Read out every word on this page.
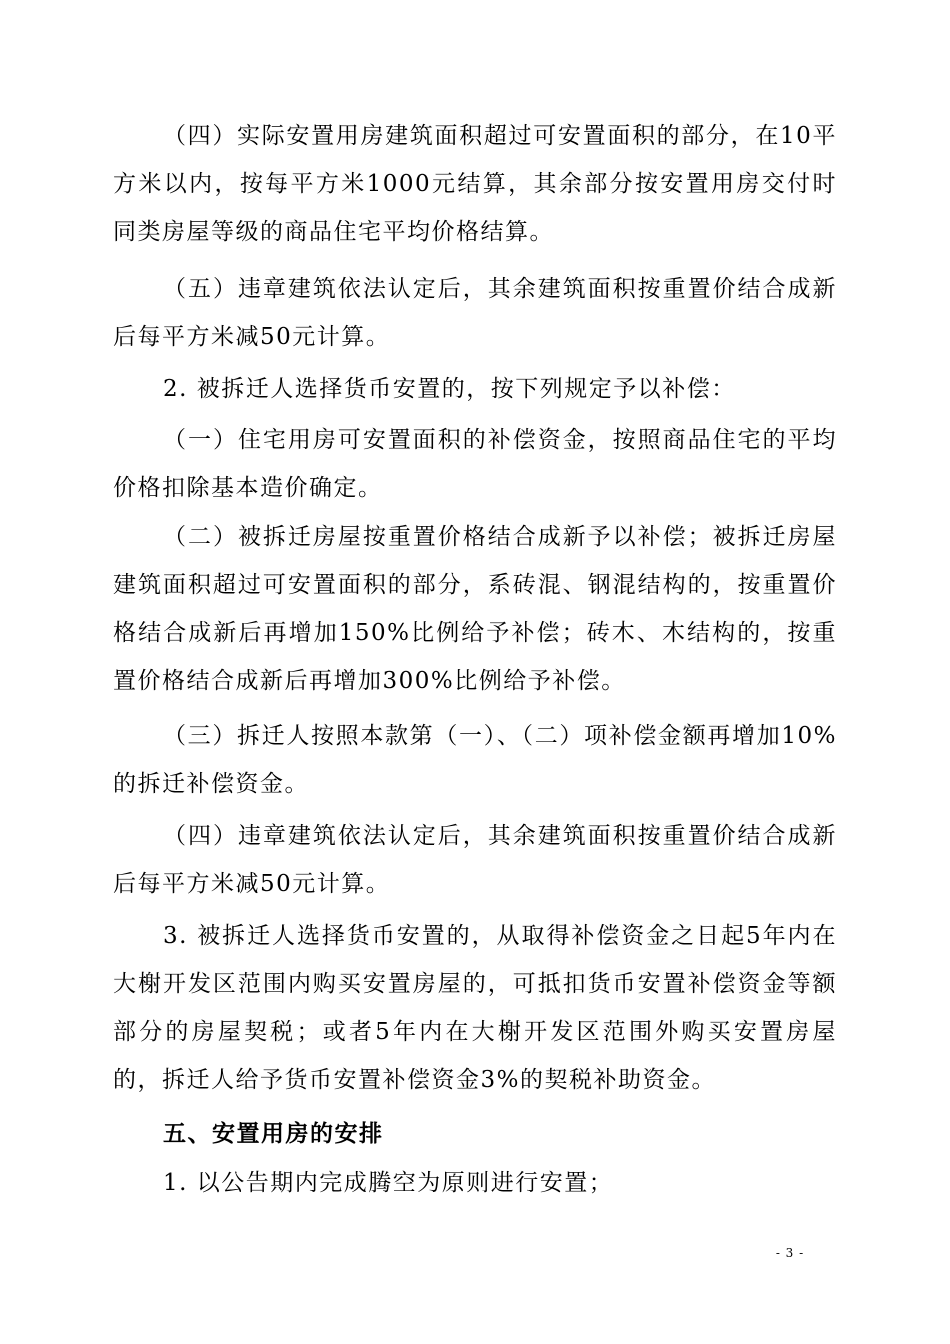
（四）实际安置用房建筑面积超过可安置面积的部分，在10平方米以内，按每平方米1000元结算，其余部分按安置用房交付时同类房屋等级的商品住宅平均价格结算。

（五）违章建筑依法认定后，其余建筑面积按重置价结合成新后每平方米减50元计算。

2. 被拆迁人选择货币安置的，按下列规定予以补偿：

（一）住宅用房可安置面积的补偿资金，按照商品住宅的平均价格扣除基本造价确定。

（二）被拆迁房屋按重置价格结合成新予以补偿；被拆迁房屋建筑面积超过可安置面积的部分，系砖混、钢混结构的，按重置价格结合成新后再增加150%比例给予补偿；砖木、木结构的，按重置价格结合成新后再增加300%比例给予补偿。

（三）拆迁人按照本款第（一）、（二）项补偿金额再增加10%的拆迁补偿资金。

（四）违章建筑依法认定后，其余建筑面积按重置价结合成新后每平方米减50元计算。

3. 被拆迁人选择货币安置的，从取得补偿资金之日起5年内在大榭开发区范围内购买安置房屋的，可抵扣货币安置补偿资金等额部分的房屋契税；或者5年内在大榭开发区范围外购买安置房屋的，拆迁人给予货币安置补偿资金3%的契税补助资金。

五、安置用房的安排

1. 以公告期内完成腾空为原则进行安置；

- 3 -
